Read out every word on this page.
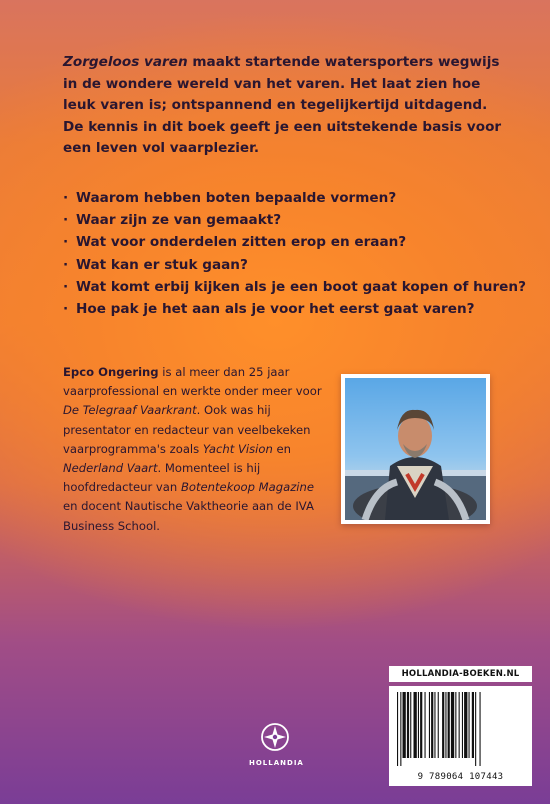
Zorgeloos varen maakt startende watersporters wegwijs in de wondere wereld van het varen. Het laat zien hoe leuk varen is; ontspannend en tegelijkertijd uitdagend. De kennis in dit boek geeft je een uitstekende basis voor een leven vol vaarplezier.

· Waarom hebben boten bepaalde vormen?
· Waar zijn ze van gemaakt?
· Wat voor onderdelen zitten erop en eraan?
· Wat kan er stuk gaan?
· Wat komt erbij kijken als je een boot gaat kopen of huren?
· Hoe pak je het aan als je voor het eerst gaat varen?

Epco Ongering is al meer dan 25 jaar vaarprofessional en werkte onder meer voor De Telegraaf Vaarkrant. Ook was hij presentator en redacteur van veelbekeken vaarprogramma's zoals Yacht Vision en Nederland Vaart. Momenteel is hij hoofdredacteur van Botentekoop Magazine en docent Nautische Vaktheorie aan de IVA Business School.

HOLLANDIA
HOLLANDIA-BOEKEN.NL
9 789064 107443
